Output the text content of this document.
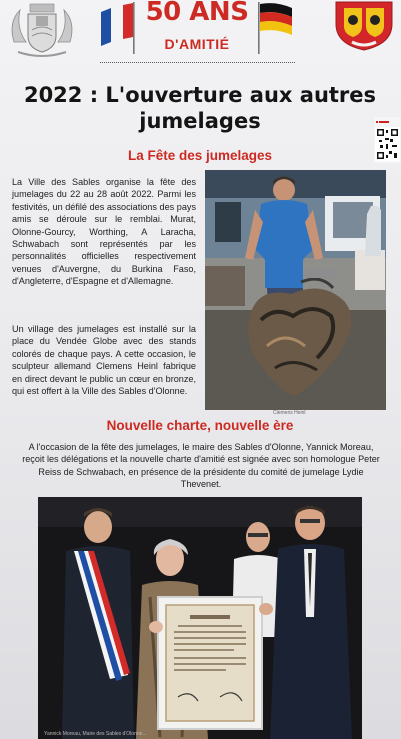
50 ANS
D'AMITIÉ
2022 : L'ouverture aux autres jumelages
La Fête des jumelages

La Ville des Sables organise la fête des jumelages du 22 au 28 août 2022. Parmi les festivités, un défilé des associations des pays amis se déroule sur le remblai. Murat, Olonne-Gourcy, Worthing, A Laracha, Schwabach sont représentés par les personnalités officielles respectivement venues d'Auvergne, du Burkina Faso, d'Angleterre, d'Espagne et d'Allemagne.

Un village des jumelages est installé sur la place du Vendée Globe avec des stands colorés de chaque pays. A cette occasion, le sculpteur allemand Clemens Heinl fabrique en direct devant le public un cœur en bronze, qui est offert à la Ville des Sables d'Olonne.

Clemens Heinl
Nouvelle charte, nouvelle ère

A l'occasion de la fête des jumelages, le maire des Sables d'Olonne, Yannick Moreau, reçoit les délégations et la nouvelle charte d'amitié est signée avec son homologue Peter Reiss de Schwabach, en présence de la présidente du comité de jumelage Lydie Thevenet.

Yannick Moreau, Maire des Sables d'Olonne...
